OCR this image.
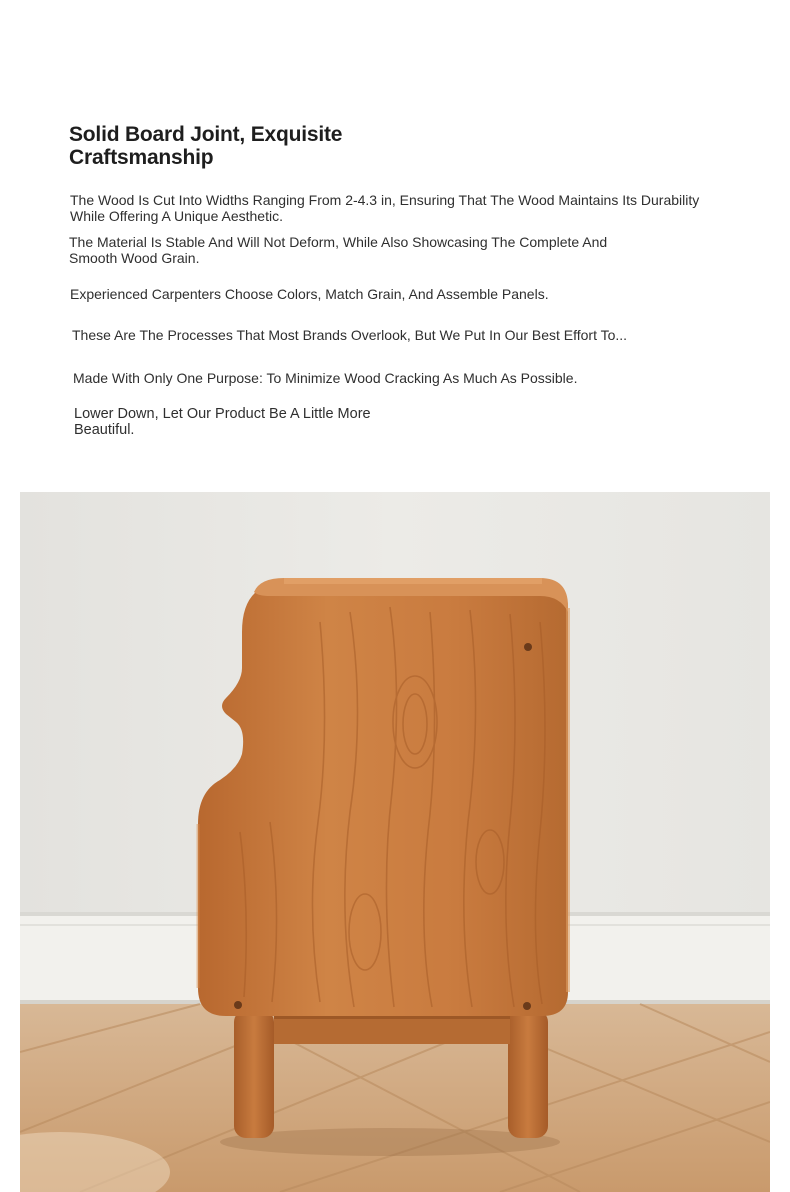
Solid Board Joint, Exquisite Craftsmanship
The Wood Is Cut Into Widths Ranging From 2-4.3 in, Ensuring That The Wood Maintains Its Durability While Offering A Unique Aesthetic.
The Material Is Stable And Will Not Deform, While Also Showcasing The Complete And Smooth Wood Grain.
Experienced Carpenters Choose Colors, Match Grain, And Assemble Panels.
These Are The Processes That Most Brands Overlook, But We Put In Our Best Effort To...
Made With Only One Purpose: To Minimize Wood Cracking As Much As Possible.
Lower Down, Let Our Product Be A Little More Beautiful.
